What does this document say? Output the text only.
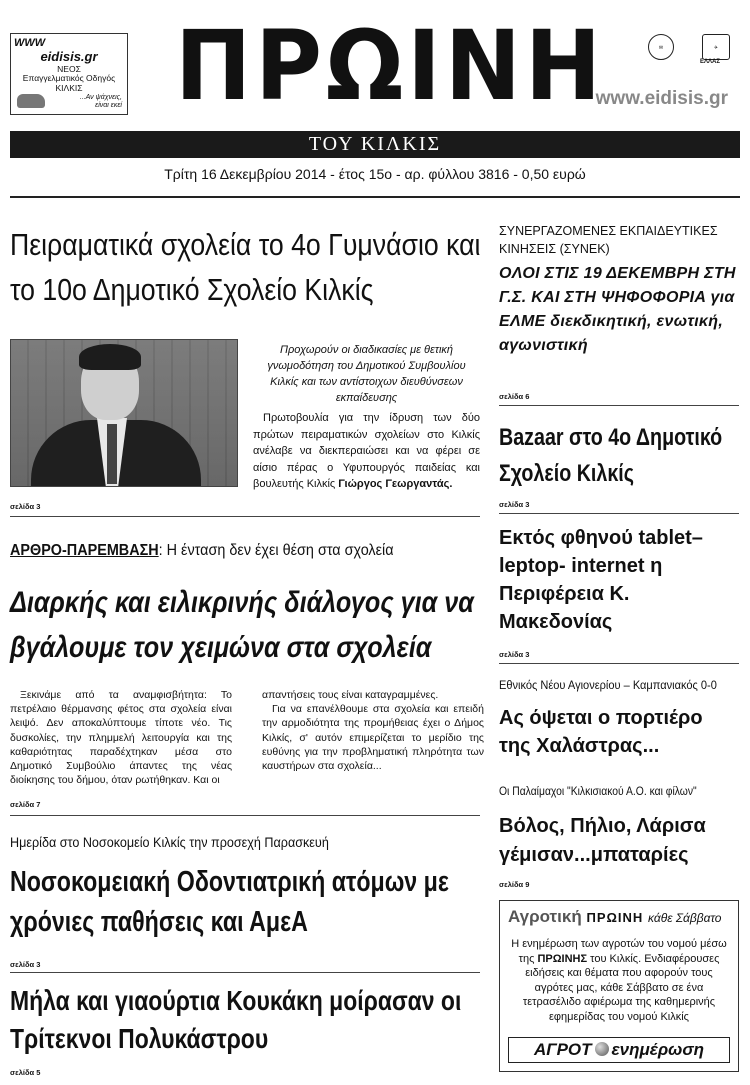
WWW
eidisis.gr
ΝΕΟΣ
Επαγγελματικός Οδηγός
ΚΙΛΚΙΣ
...Αν ψάχνεις,
είναι εκεί ΠΡΩΙΝΗ	✉	✈
ΕΛΛΑΣ
www.eidisis.gr
ΤΟΥ ΚΙΛΚΙΣ
Τρίτη 16 Δεκεμβρίου 2014 - έτος 15ο - αρ. φύλλου 3816 - 0,50 ευρώ
Πειραματικά σχολεία το 4ο Γυμνάσιο και το 10ο Δημοτικό Σχολείο Κιλκίς
Προχωρούν οι διαδικασίες με θετική γνωμοδότηση του Δημοτικού Συμβουλίου Κιλκίς και των αντίστοιχων διευθύνσεων εκπαίδευσης
Πρωτοβουλία για την ίδρυση των δύο πρώτων πειραματικών σχολείων στο Κιλκίς ανέλαβε να διεκπεραιώσει και να φέρει σε αίσιο πέρας ο Υφυπουργός παιδείας και βουλευτής Κιλκίς Γιώργος Γεωργαντάς.
σελίδα 3
ΑΡΘΡΟ-ΠΑΡΕΜΒΑΣΗ: Η ένταση δεν έχει θέση στα σχολεία
Διαρκής και ειλικρινής διάλογος για να βγάλουμε τον χειμώνα στα σχολεία
Ξεκινάμε από τα αναμφισβήτητα: Το πετρέλαιο θέρμανσης φέτος στα σχολεία είναι λειψό. Δεν αποκαλύπτουμε τίποτε νέο. Τις δυσκολίες, την πλημμελή λειτουργία και της καθαριότητας παραδέχτηκαν μέσα στο Δημοτικό Συμβούλιο άπαντες της νέας διοίκησης του δήμου, όταν ρωτήθηκαν. Και οι
απαντήσεις τους είναι καταγραμμένες.
Για να επανέλθουμε στα σχολεία και επειδή την αρμοδιότητα της προμήθειας έχει ο Δήμος Κιλκίς, σ' αυτόν επιμερίζεται το μερίδιο της ευθύνης για την προβληματική πληρότητα των καυστήρων στα σχολεία...
σελίδα 7
Ημερίδα στο Νοσοκομείο Κιλκίς την προσεχή Παρασκευή
Νοσοκομειακή Οδοντιατρική ατόμων με χρόνιες παθήσεις και ΑμεΑ
σελίδα 3
Μήλα και γιαούρτια Κουκάκη μοίρασαν οι Τρίτεκνοι Πολυκάστρου
σελίδα 5
ΣΥΝΕΡΓΑΖΟΜΕΝΕΣ ΕΚΠΑΙΔΕΥΤΙΚΕΣ ΚΙΝΗΣΕΙΣ (ΣΥΝΕΚ)
ΟΛΟΙ ΣΤΙΣ 19 ΔΕΚΕΜΒΡΗ ΣΤΗ Γ.Σ. ΚΑΙ ΣΤΗ ΨΗΦΟΦΟΡΙΑ για ΕΛΜΕ διεκδικητική, ενωτική, αγωνιστική
σελίδα 6
Bazaar στο 4ο Δημοτικό Σχολείο Κιλκίς
σελίδα 3
Εκτός φθηνού tablet– leptop- internet η Περιφέρεια Κ. Μακεδονίας
σελίδα 3
Εθνικός Νέου Αγιονερίου – Καμπανιακός 0-0
Ας όψεται ο πορτιέρο της Χαλάστρας...
Οι Παλαίμαχοι "Κιλκισιακού Α.Ο. και φίλων"
Βόλος, Πήλιο, Λάρισα γέμισαν...μπαταρίες
σελίδα 9
Αγροτική ΠΡΩΙΝΗ κάθε Σάββατο
Η ενημέρωση των αγροτών του νομού μέσω της ΠΡΩΙΝΗΣ του Κιλκίς. Ενδιαφέρουσες ειδήσεις και θέματα που αφορούν τους αγρότες μας, κάθε Σάββατο σε ένα τετρασέλιδο αφιέρωμα της καθημερινής εφημερίδας του νομού Κιλκίς
ΑΓΡΟΤ ενημέρωση
